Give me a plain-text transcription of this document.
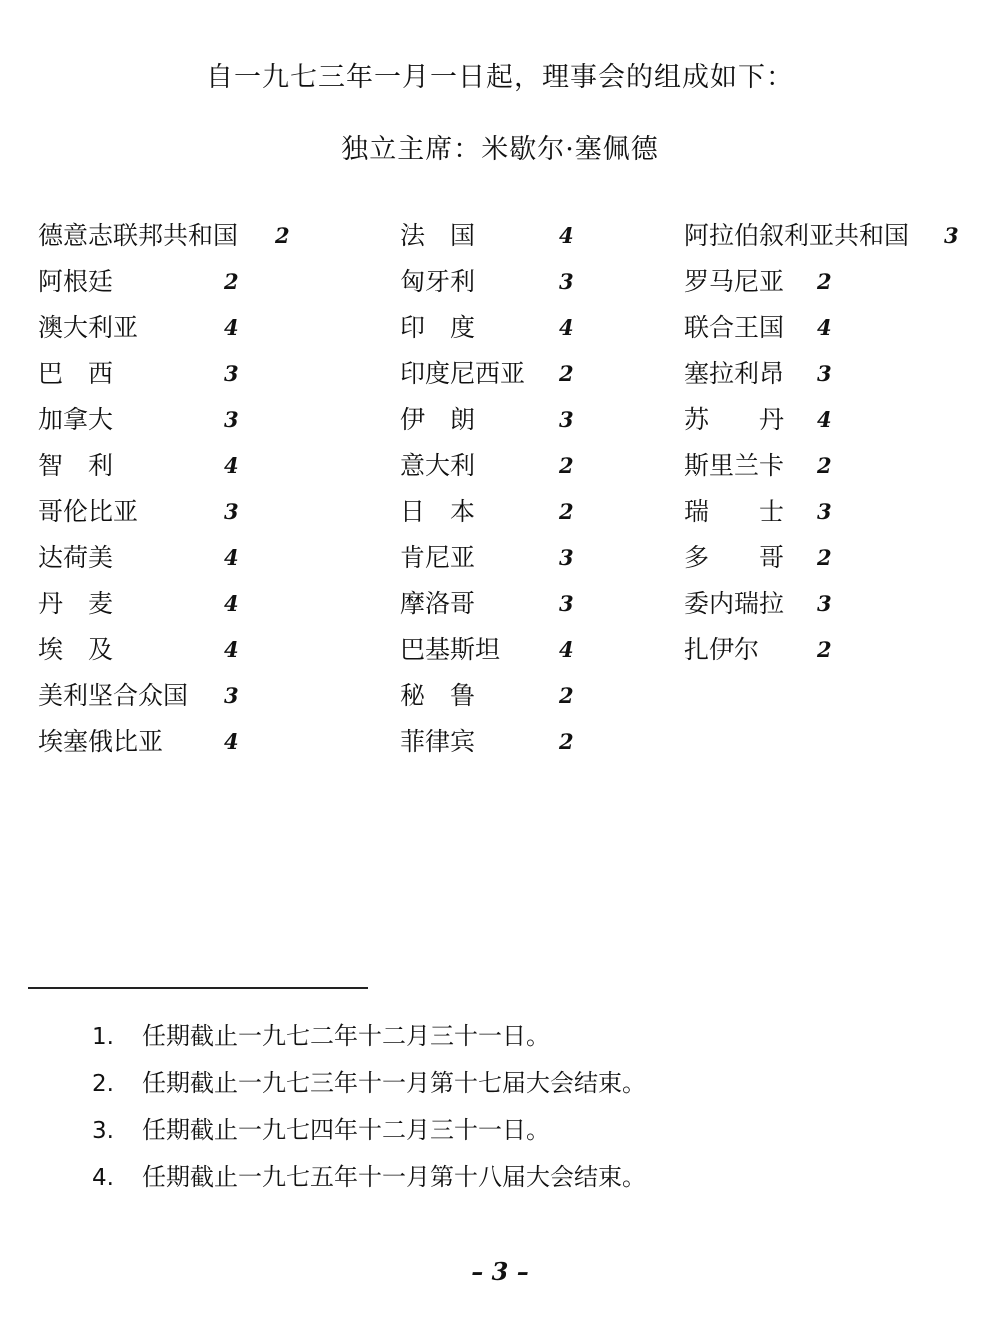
自一九七三年一月一日起，理事会的组成如下：
独立主席：米歇尔·塞佩德
德意志联邦共和国 2
阿根廷	2
澳大利亚	4
巴　西	3
加拿大	3
智　利	4
哥伦比亚	3
达荷美	4
丹　麦	4
埃　及	4
美利坚合众国 3
埃塞俄比亚	4
法　国	4
匈牙利	3
印　度	4
印度尼西亚 2
伊　朗	3
意大利	2
日　本	2
肯尼亚	3
摩洛哥	3
巴基斯坦	4
秘　鲁	2
菲律宾	2
阿拉伯叙利亚共和国 3
罗马尼亚 2
联合王国 4
塞拉利昂 3
苏　　丹 4
斯里兰卡 2
瑞　　士 3
多　　哥 2
委内瑞拉 3
扎伊尔	2
1. 任期截止一九七二年十二月三十一日。
2. 任期截止一九七三年十一月第十七届大会结束。
3. 任期截止一九七四年十二月三十一日。
4. 任期截止一九七五年十一月第十八届大会结束。
– 3 –
